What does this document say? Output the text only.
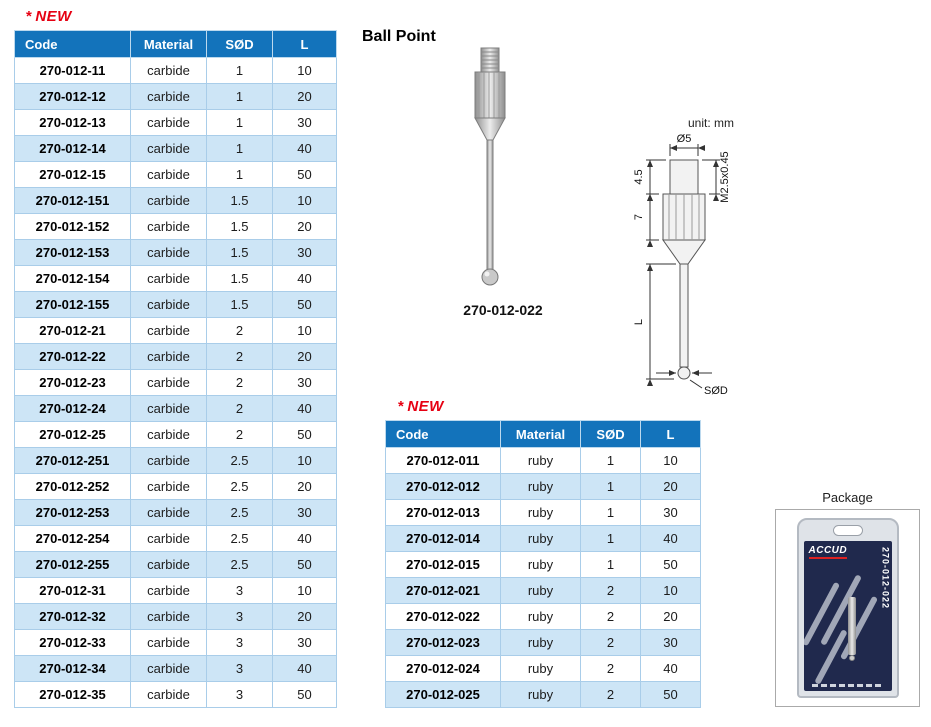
* NEW
Code	Material	SØD	L
270-012-11	carbide	1	10
270-012-12	carbide	1	20
270-012-13	carbide	1	30
270-012-14	carbide	1	40
270-012-15	carbide	1	50
270-012-151	carbide	1.5	10
270-012-152	carbide	1.5	20
270-012-153	carbide	1.5	30
270-012-154	carbide	1.5	40
270-012-155	carbide	1.5	50
270-012-21	carbide	2	10
270-012-22	carbide	2	20
270-012-23	carbide	2	30
270-012-24	carbide	2	40
270-012-25	carbide	2	50
270-012-251	carbide	2.5	10
270-012-252	carbide	2.5	20
270-012-253	carbide	2.5	30
270-012-254	carbide	2.5	40
270-012-255	carbide	2.5	50
270-012-31	carbide	3	10
270-012-32	carbide	3	20
270-012-33	carbide	3	30
270-012-34	carbide	3	40
270-012-35	carbide	3	50
Ball Point
270-012-022
unit: mm
Ø5
4.5
7
M2.5x0.45
L
SØD
* NEW
Code	Material	SØD	L
270-012-011	ruby	1	10
270-012-012	ruby	1	20
270-012-013	ruby	1	30
270-012-014	ruby	1	40
270-012-015	ruby	1	50
270-012-021	ruby	2	10
270-012-022	ruby	2	20
270-012-023	ruby	2	30
270-012-024	ruby	2	40
270-012-025	ruby	2	50
Package
ACCUD	270-012-022
